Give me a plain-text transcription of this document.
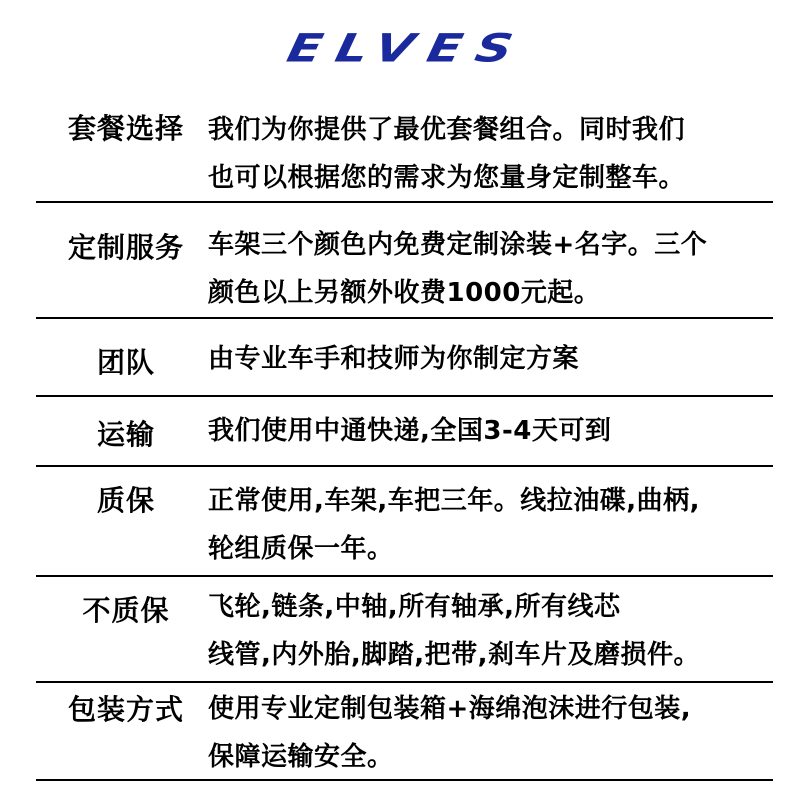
ELVES
套餐选择 我们为你提供了最优套餐组合。同时我们
也可以根据您的需求为您量身定制整车。
定制服务 车架三个颜色内免费定制涂装+名字。三个
颜色以上另额外收费1000元起。
团队	由专业车手和技师为你制定方案
运输	我们使用中通快递,全国3-4天可到
质保	正常使用,车架,车把三年。线拉油碟,曲柄,
轮组质保一年。
不质保	飞轮,链条,中轴,所有轴承,所有线芯
线管,内外胎,脚踏,把带,刹车片及磨损件。
包装方式 使用专业定制包装箱+海绵泡沫进行包装,
保障运输安全。
